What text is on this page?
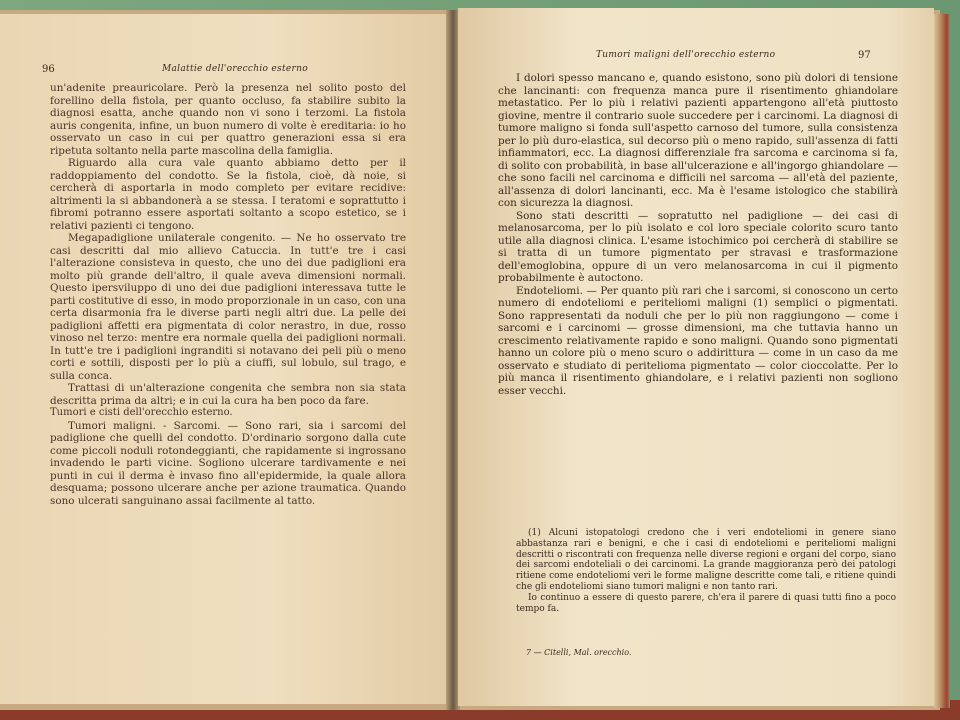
96	Malattie dell'orecchio esterno

un'adenite preauricolare. Però la presenza nel solito posto del forellino della fistola, per quanto occluso, fa stabilire subito la diagnosi esatta, anche quando non vi sono i terzomi. La fistola auris congenita, infine, un buon numero di volte è ereditaria: io ho osservato un caso in cui per quattro generazioni essa si era ripetuta soltanto nella parte mascolina della famiglia.

Riguardo alla cura vale quanto abbiamo detto per il raddoppiamento del condotto. Se la fistola, cioè, dà noie, si cercherà di asportarla in modo completo per evitare recidive: altrimenti la si abbandonerà a se stessa. I teratomi e soprattutto i fibromi potranno essere asportati soltanto a scopo estetico, se i relativi pazienti ci tengono.

Megapadiglione unilaterale congenito. — Ne ho osservato tre casi descritti dal mio allievo Catuccia. In tutt'e tre i casi l'alterazione consisteva in questo, che uno dei due padiglioni era molto più grande dell'altro, il quale aveva dimensioni normali. Questo ipersviluppo di uno dei due padiglioni interessava tutte le parti costitutive di esso, in modo proporzionale in un caso, con una certa disarmonia fra le diverse parti negli altri due. La pelle dei padiglioni affetti era pigmentata di color nerastro, in due, rosso vinoso nel terzo: mentre era normale quella dei padiglioni normali. In tutt'e tre i padiglioni ingranditi si notavano dei peli più o meno corti e sottili, disposti per lo più a ciuffi, sul lobulo, sul trago, e sulla conca.

Trattasi di un'alterazione congenita che sembra non sia stata descritta prima da altri; e in cui la cura ha ben poco da fare.

Tumori e cisti dell'orecchio esterno.

Tumori maligni. - Sarcomi. — Sono rari, sia i sarcomi del padiglione che quelli del condotto. D'ordinario sorgono dalla cute come piccoli noduli rotondeggianti, che rapidamente si ingrossano invadendo le parti vicine. Sogliono ulcerare tardivamente e nei punti in cui il derma è invaso fino all'epidermide, la quale allora desquama; possono ulcerare anche per azione traumatica. Quando sono ulcerati sanguinano assai facilmente al tatto.

Tumori maligni dell'orecchio esterno	97

I dolori spesso mancano e, quando esistono, sono più dolori di tensione che lancinanti: con frequenza manca pure il risentimento ghiandolare metastatico. Per lo più i relativi pazienti appartengono all'età piuttosto giovine, mentre il contrario suole succedere per i carcinomi. La diagnosi di tumore maligno si fonda sull'aspetto carnoso del tumore, sulla consistenza per lo più duro-elastica, sul decorso più o meno rapido, sull'assenza di fatti infiammatori, ecc. La diagnosi differenziale fra sarcoma e carcinoma si fa, di solito con probabilità, in base all'ulcerazione e all'ingorgo ghiandolare — che sono facili nel carcinoma e difficili nel sarcoma — all'età del paziente, all'assenza di dolori lancinanti, ecc. Ma è l'esame istologico che stabilirà con sicurezza la diagnosi.

Sono stati descritti — sopratutto nel padiglione — dei casi di melanosarcoma, per lo più isolato e col loro speciale colorito scuro tanto utile alla diagnosi clinica. L'esame istochimico poi cercherà di stabilire se si tratta di un tumore pigmentato per stravasi e trasformazione dell'emoglobina, oppure di un vero melanosarcoma in cui il pigmento probabilmente è autoctono.

Endoteliomi. — Per quanto più rari che i sarcomi, si conoscono un certo numero di endoteliomi e periteliomi maligni (1) semplici o pigmentati. Sono rappresentati da noduli che per lo più non raggiungono — come i sarcomi e i carcinomi — grosse dimensioni, ma che tuttavia hanno un crescimento relativamente rapido e sono maligni. Quando sono pigmentati hanno un colore più o meno scuro o addirittura — come in un caso da me osservato e studiato di peritelioma pigmentato — color cioccolatte. Per lo più manca il risentimento ghiandolare, e i relativi pazienti non sogliono esser vecchi.

(1) Alcuni istopatologi credono che i veri endoteliomi in genere siano abbastanza rari e benigni, e che i casi di endoteliomi e periteliomi maligni descritti o riscontrati con frequenza nelle diverse regioni e organi del corpo, siano dei sarcomi endoteliali o dei carcinomi. La grande maggioranza però dei patologi ritiene come endoteliomi veri le forme maligne descritte come tali, e ritiene quindi che gli endoteliomi siano tumori maligni e non tanto rari.

Io continuo a essere di questo parere, ch'era il parere di quasi tutti fino a poco tempo fa.

7 — Citelli, Mal. orecchio.
